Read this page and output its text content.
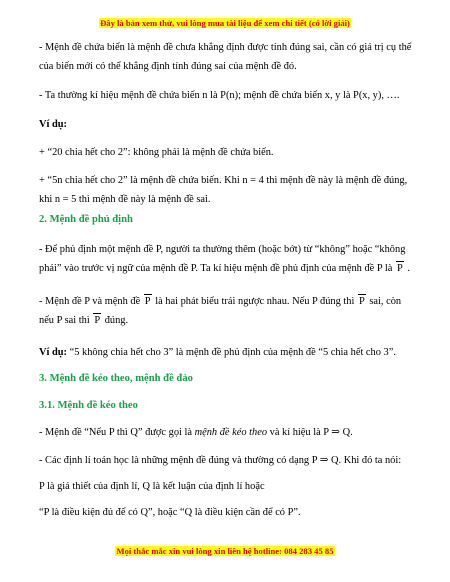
Đây là bản xem thử, vui lòng mua tài liệu để xem chi tiết (có lời giải)

- Mệnh đề chứa biến là mệnh đề chưa khẳng định được tính đúng sai, cần có giá trị cụ thể của biến mới có thể khẳng định tính đúng sai của mệnh đề đó.

- Ta thường kí hiệu mệnh đề chứa biến n là P(n); mệnh đề chứa biến x, y là P(x, y), ….

Ví dụ:

+ “20 chia hết cho 2”: không phải là mệnh đề chứa biến.

+ “5n chia hết cho 2” là mệnh đề chứa biến. Khi n = 4 thì mệnh đề này là mệnh đề đúng, khi n = 5 thì mệnh đề này là mệnh đề sai.

2. Mệnh đề phủ định

- Để phủ định một mệnh đề P, người ta thường thêm (hoặc bớt) từ “không” hoặc “không phải” vào trước vị ngữ của mệnh đề P. Ta kí hiệu mệnh đề phủ định của mệnh đề P là P .

- Mệnh đề P và mệnh đề P là hai phát biểu trái ngược nhau. Nếu P đúng thì P sai, còn nếu P sai thì P đúng.

Ví dụ: “5 không chia hết cho 3” là mệnh đề phủ định của mệnh đề “5 chia hết cho 3”.

3. Mệnh đề kéo theo, mệnh đề đảo

3.1. Mệnh đề kéo theo

- Mệnh đề “Nếu P thì Q” được gọi là mệnh đề kéo theo và kí hiệu là P ⇒ Q.

- Các định lí toán học là những mệnh đề đúng và thường có dạng P ⇒ Q. Khi đó ta nói:

P là giả thiết của định lí, Q là kết luận của định lí hoặc

“P là điều kiện đủ để có Q”, hoặc “Q là điều kiện cần để có P”.

Mọi thắc mắc xin vui lòng xin liên hệ hotline: 084 283 45 85
